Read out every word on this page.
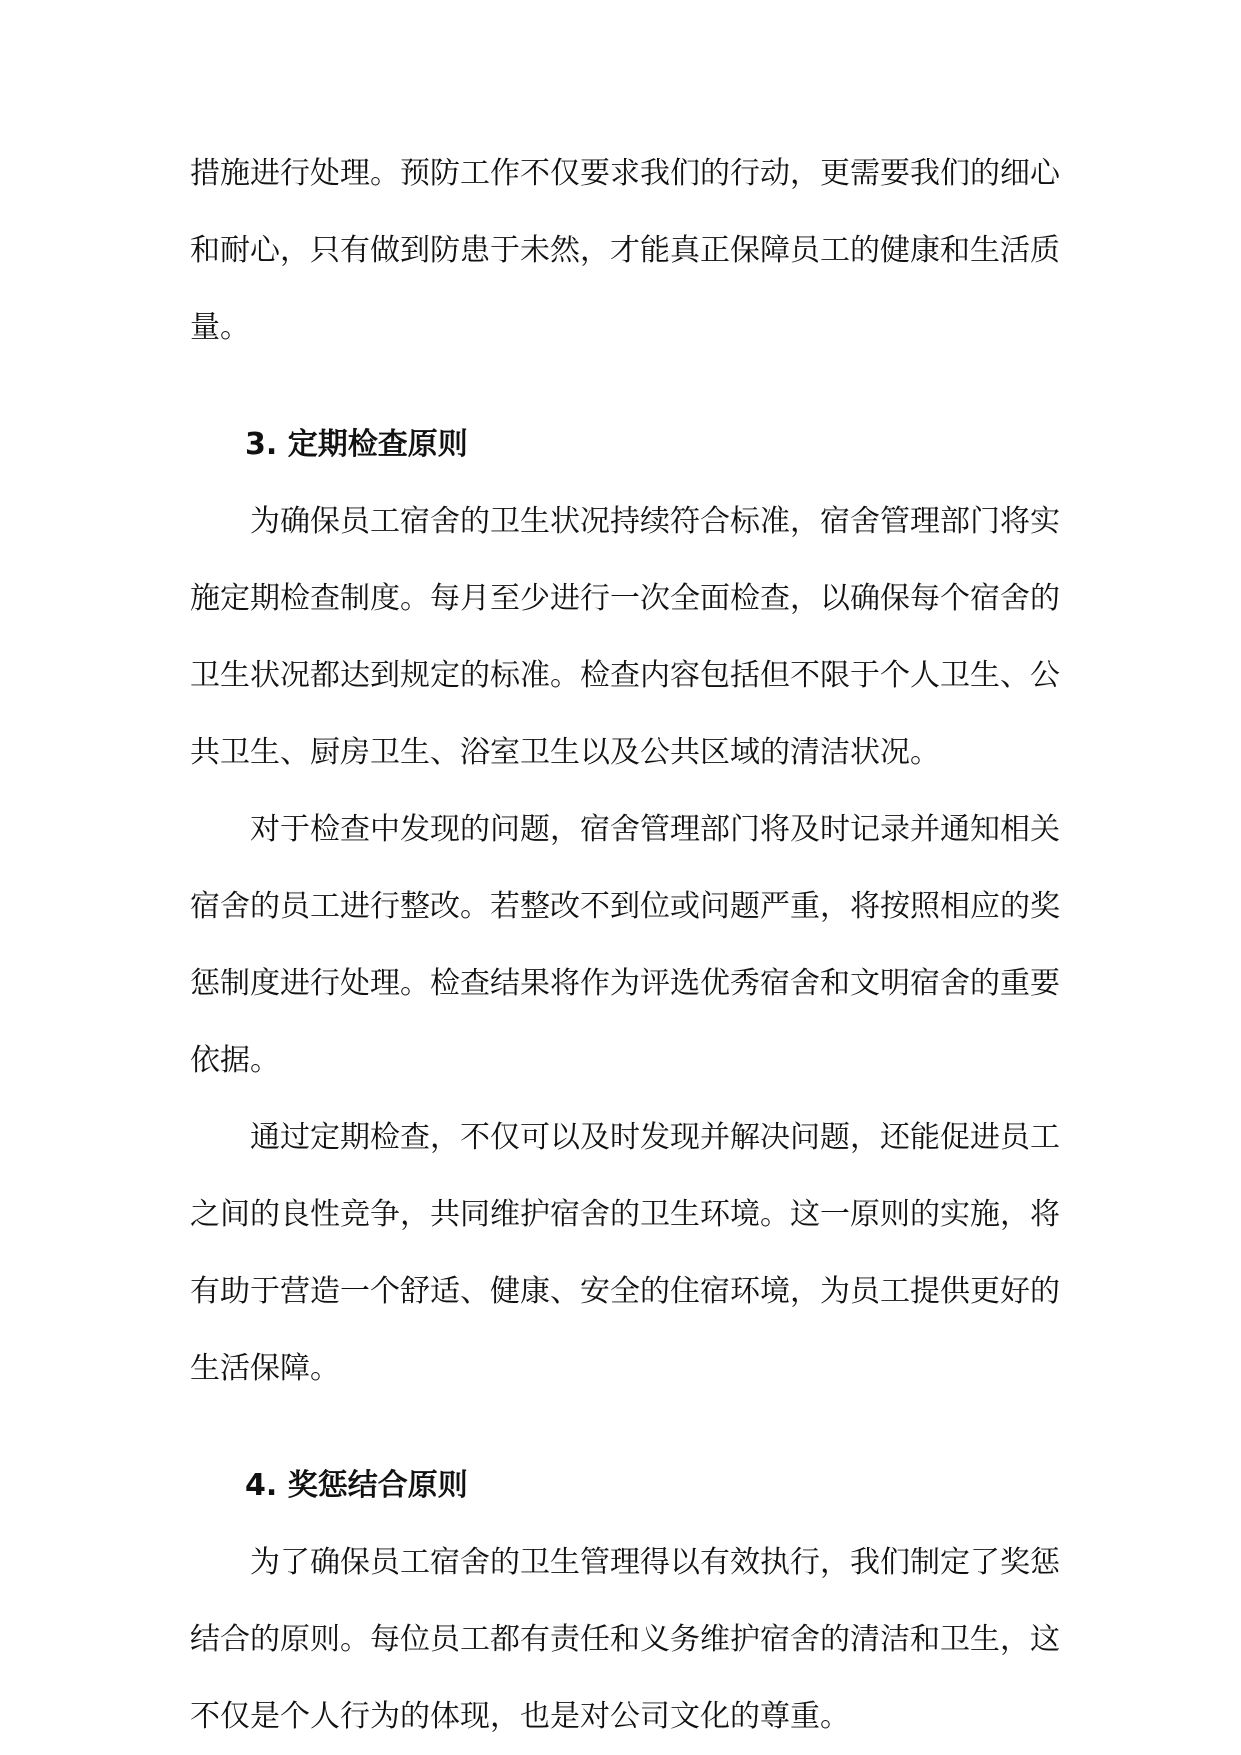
措施进行处理。预防工作不仅要求我们的行动，更需要我们的细心和耐心，只有做到防患于未然，才能真正保障员工的健康和生活质量。

3. 定期检查原则

为确保员工宿舍的卫生状况持续符合标准，宿舍管理部门将实施定期检查制度。每月至少进行一次全面检查，以确保每个宿舍的卫生状况都达到规定的标准。检查内容包括但不限于个人卫生、公共卫生、厨房卫生、浴室卫生以及公共区域的清洁状况。

对于检查中发现的问题，宿舍管理部门将及时记录并通知相关宿舍的员工进行整改。若整改不到位或问题严重，将按照相应的奖惩制度进行处理。检查结果将作为评选优秀宿舍和文明宿舍的重要依据。

通过定期检查，不仅可以及时发现并解决问题，还能促进员工之间的良性竞争，共同维护宿舍的卫生环境。这一原则的实施，将有助于营造一个舒适、健康、安全的住宿环境，为员工提供更好的生活保障。

4. 奖惩结合原则

为了确保员工宿舍的卫生管理得以有效执行，我们制定了奖惩结合的原则。每位员工都有责任和义务维护宿舍的清洁和卫生，这不仅是个人行为的体现，也是对公司文化的尊重。
